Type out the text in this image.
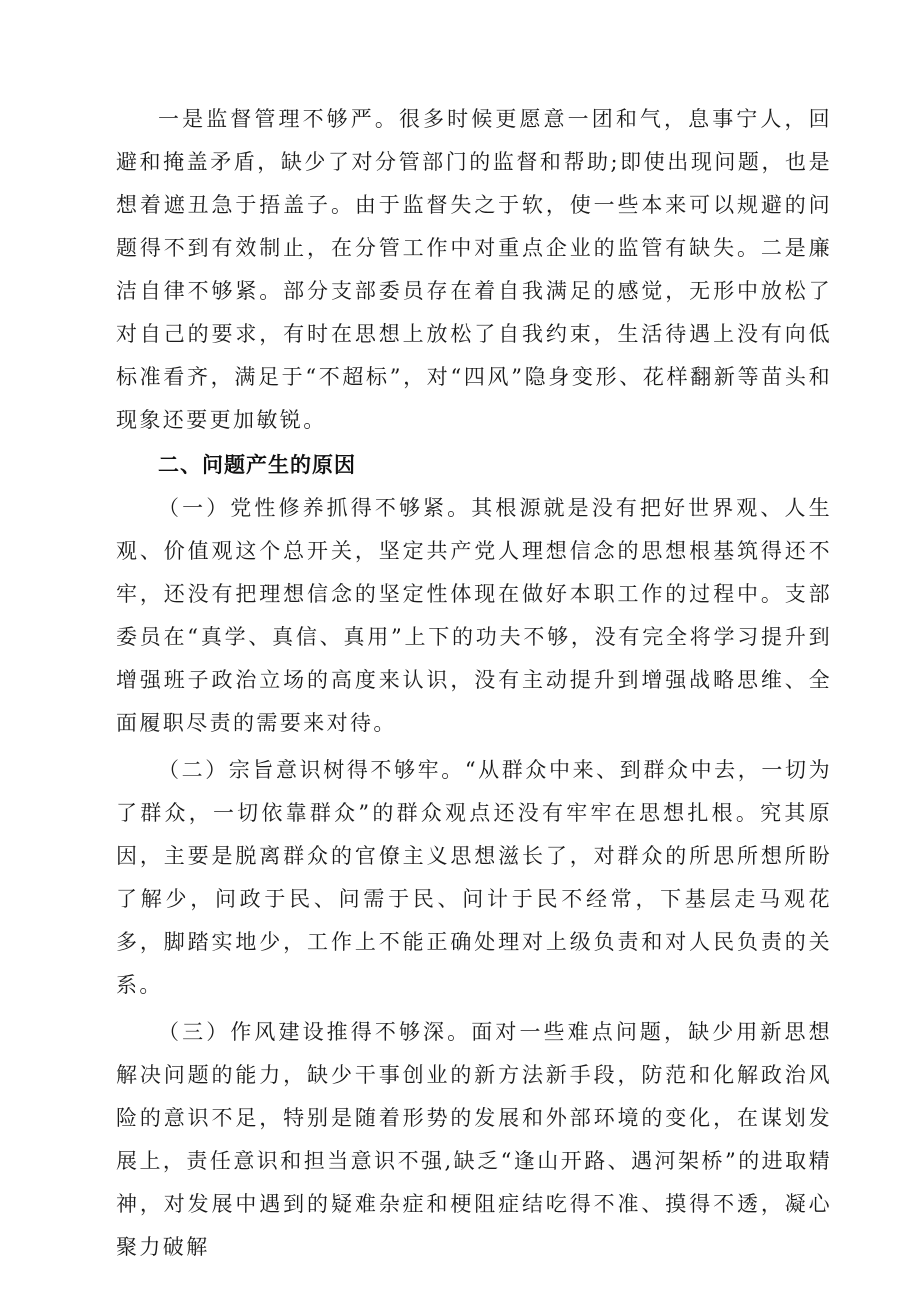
一是监督管理不够严。很多时候更愿意一团和气，息事宁人，回避和掩盖矛盾，缺少了对分管部门的监督和帮助;即使出现问题，也是想着遮丑急于捂盖子。由于监督失之于软，使一些本来可以规避的问题得不到有效制止，在分管工作中对重点企业的监管有缺失。二是廉洁自律不够紧。部分支部委员存在着自我满足的感觉，无形中放松了对自己的要求，有时在思想上放松了自我约束，生活待遇上没有向低标准看齐，满足于“不超标”，对“四风”隐身变形、花样翻新等苗头和现象还要更加敏锐。

二、问题产生的原因

（一）党性修养抓得不够紧。其根源就是没有把好世界观、人生观、价值观这个总开关，坚定共产党人理想信念的思想根基筑得还不牢，还没有把理想信念的坚定性体现在做好本职工作的过程中。支部委员在“真学、真信、真用”上下的功夫不够，没有完全将学习提升到增强班子政治立场的高度来认识，没有主动提升到增强战略思维、全面履职尽责的需要来对待。

（二）宗旨意识树得不够牢。“从群众中来、到群众中去，一切为了群众，一切依靠群众”的群众观点还没有牢牢在思想扎根。究其原因，主要是脱离群众的官僚主义思想滋长了，对群众的所思所想所盼了解少，问政于民、问需于民、问计于民不经常，下基层走马观花多，脚踏实地少，工作上不能正确处理对上级负责和对人民负责的关系。

（三）作风建设推得不够深。面对一些难点问题，缺少用新思想解决问题的能力，缺少干事创业的新方法新手段，防范和化解政治风险的意识不足，特别是随着形势的发展和外部环境的变化，在谋划发展上，责任意识和担当意识不强,缺乏“逢山开路、遇河架桥”的进取精神，对发展中遇到的疑难杂症和梗阻症结吃得不准、摸得不透，凝心聚力破解
